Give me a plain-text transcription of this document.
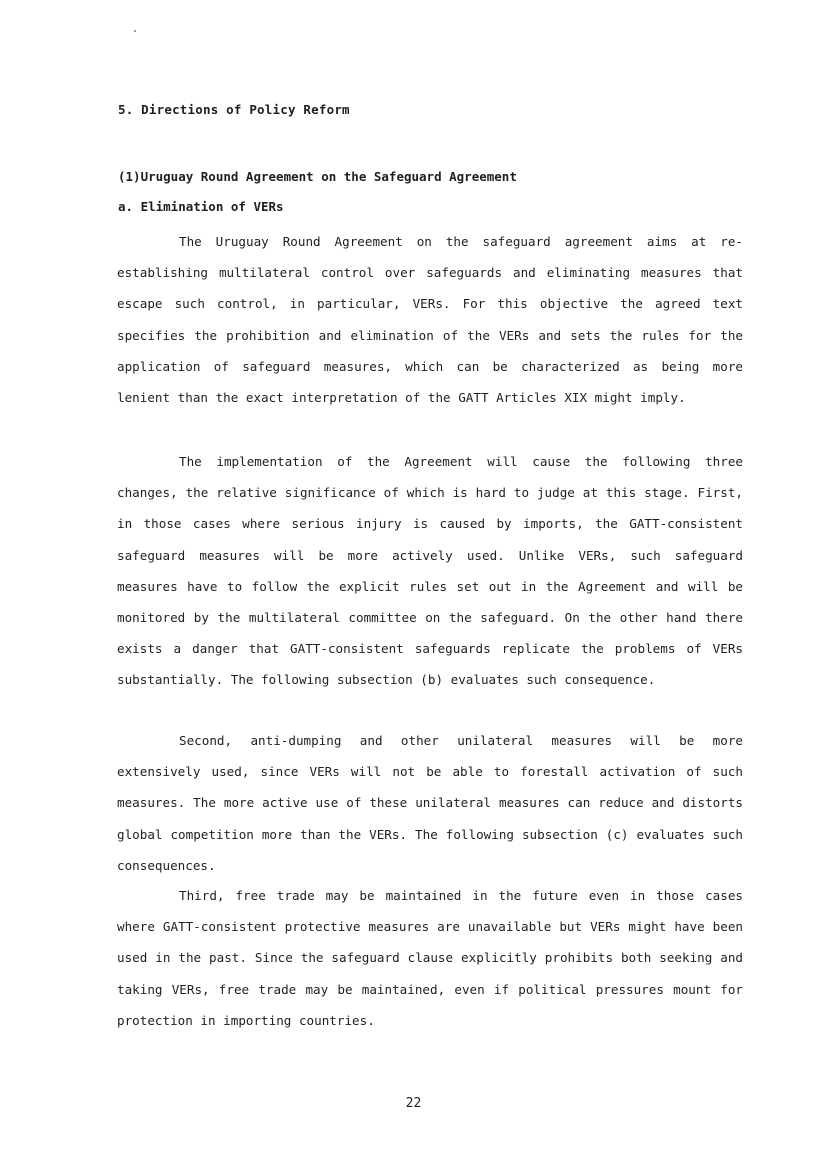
5. Directions of Policy Reform
(1)Uruguay Round Agreement on the Safeguard Agreement
a. Elimination of VERs

The Uruguay Round Agreement on the safeguard agreement aims at re-establishing multilateral control over safeguards and eliminating measures that escape such control, in particular, VERs. For this objective the agreed text specifies the prohibition and elimination of the VERs and sets the rules for the application of safeguard measures, which can be characterized as being more lenient than the exact interpretation of the GATT Articles XIX might imply.

The implementation of the Agreement will cause the following three changes, the relative significance of which is hard to judge at this stage. First, in those cases where serious injury is caused by imports, the GATT-consistent safeguard measures will be more actively used. Unlike VERs, such safeguard measures have to follow the explicit rules set out in the Agreement and will be monitored by the multilateral committee on the safeguard. On the other hand there exists a danger that GATT-consistent safeguards replicate the problems of VERs substantially. The following subsection (b) evaluates such consequence.

Second, anti-dumping and other unilateral measures will be more extensively used, since VERs will not be able to forestall activation of such measures. The more active use of these unilateral measures can reduce and distorts global competition more than the VERs. The following subsection (c) evaluates such consequences.

Third, free trade may be maintained in the future even in those cases where GATT-consistent protective measures are unavailable but VERs might have been used in the past. Since the safeguard clause explicitly prohibits both seeking and taking VERs, free trade may be maintained, even if political pressures mount for protection in importing countries.

22
